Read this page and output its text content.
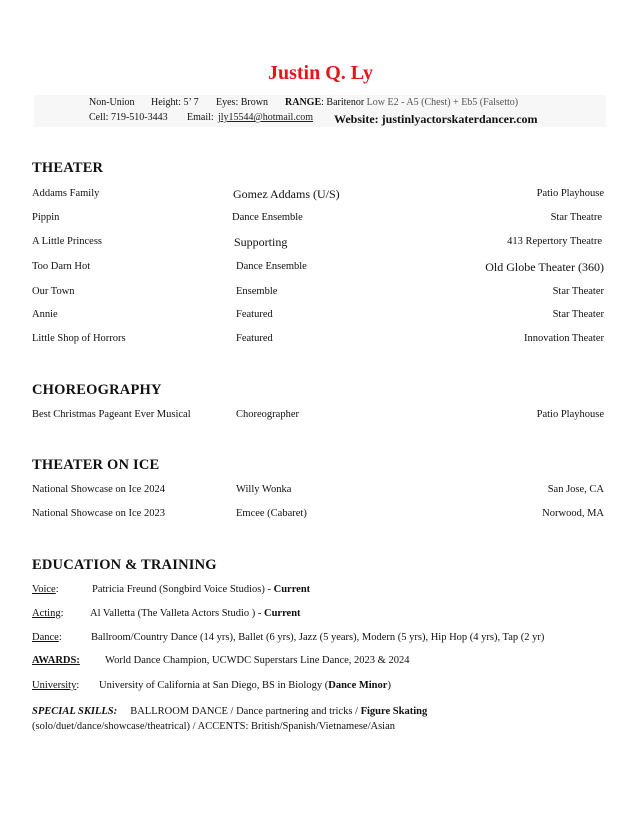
Justin Q. Ly
Non-Union Height: 5’ 7 Eyes: Brown RANGE: Baritenor Low E2 - A5 (Chest) + Eb5 (Falsetto)
Cell: 719-510-3443 Email: jly15544@hotmail.com Website: justinlyactorskaterdancer.com
THEATER
Addams Family	Gomez Addams (U/S)	Patio Playhouse
Pippin	Dance Ensemble	Star Theatre
A Little Princess	Supporting	413 Repertory Theatre
Too Darn Hot	Dance Ensemble	Old Globe Theater (360)
Our Town	Ensemble	Star Theater
Annie	Featured	Star Theater
Little Shop of Horrors	Featured	Innovation Theater
CHOREOGRAPHY
Best Christmas Pageant Ever Musical	Choreographer	Patio Playhouse
THEATER ON ICE
National Showcase on Ice 2024	Willy Wonka	San Jose, CA
National Showcase on Ice 2023	Emcee (Cabaret)	Norwood, MA
EDUCATION & TRAINING
Voice:	Patricia Freund (Songbird Voice Studios) - Current
Acting:	Al Valletta (The Valleta Actors Studio ) - Current
Dance:	Ballroom/Country Dance (14 yrs), Ballet (6 yrs), Jazz (5 years), Modern (5 yrs), Hip Hop (4 yrs), Tap (2 yr)
AWARDS: World Dance Champion, UCWDC Superstars Line Dance, 2023 & 2024
University: University of California at San Diego, BS in Biology (Dance Minor)
SPECIAL SKILLS: BALLROOM DANCE / Dance partnering and tricks / Figure Skating
(solo/duet/dance/showcase/theatrical) / ACCENTS: British/Spanish/Vietnamese/Asian
